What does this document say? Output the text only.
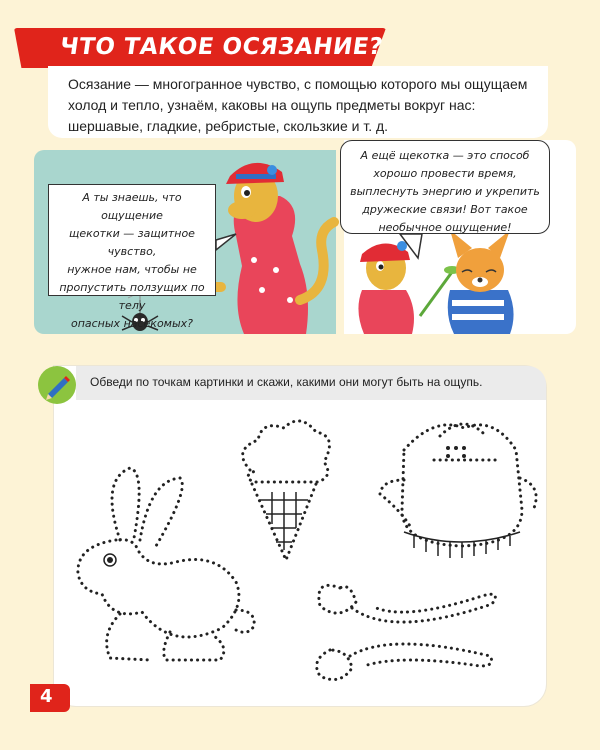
ЧТО ТАКОЕ ОСЯЗАНИЕ?
Осязание — многогранное чувство, с помощью которого мы ощущаем холод и тепло, узнаём, каковы на ощупь предметы вокруг нас: шершавые, гладкие, ребристые, скользкие и т. д.
А ты знаешь, что ощущение
щекотки — защитное чувство,
нужное нам, чтобы не
пропустить ползущих по телу
опасных насекомых?
А ещё щекотка — это способ
хорошо провести время,
выплеснуть энергию и укрепить
дружеские связи! Вот такое
необычное ощущение!
Обведи по точкам картинки и скажи, какими они могут быть на ощупь.
4
